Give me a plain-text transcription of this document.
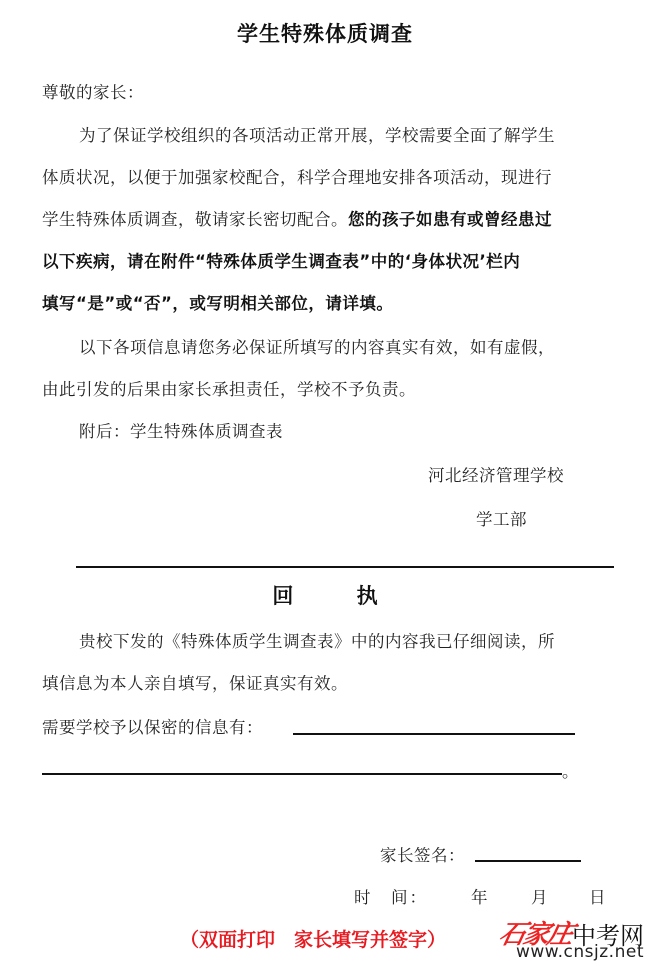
学生特殊体质调查
尊敬的家长：
为了保证学校组织的各项活动正常开展，学校需要全面了解学生
体质状况，以便于加强家校配合，科学合理地安排各项活动，现进行
学生特殊体质调查，敬请家长密切配合。您的孩子如患有或曾经患过
以下疾病，请在附件“特殊体质学生调查表”中的‘身体状况’栏内
填写“是”或“否”，或写明相关部位，请详填。
以下各项信息请您务必保证所填写的内容真实有效，如有虚假，
由此引发的后果由家长承担责任，学校不予负责。
附后：学生特殊体质调查表
河北经济管理学校
学工部
回 执
贵校下发的《特殊体质学生调查表》中的内容我已仔细阅读，所
填信息为本人亲自填写，保证真实有效。
需要学校予以保密的信息有：
。
家长签名：
时　间：	年	月 日
（双面打印　家长填写并签字） 石家庄
中考网
www.cnsjz.net
